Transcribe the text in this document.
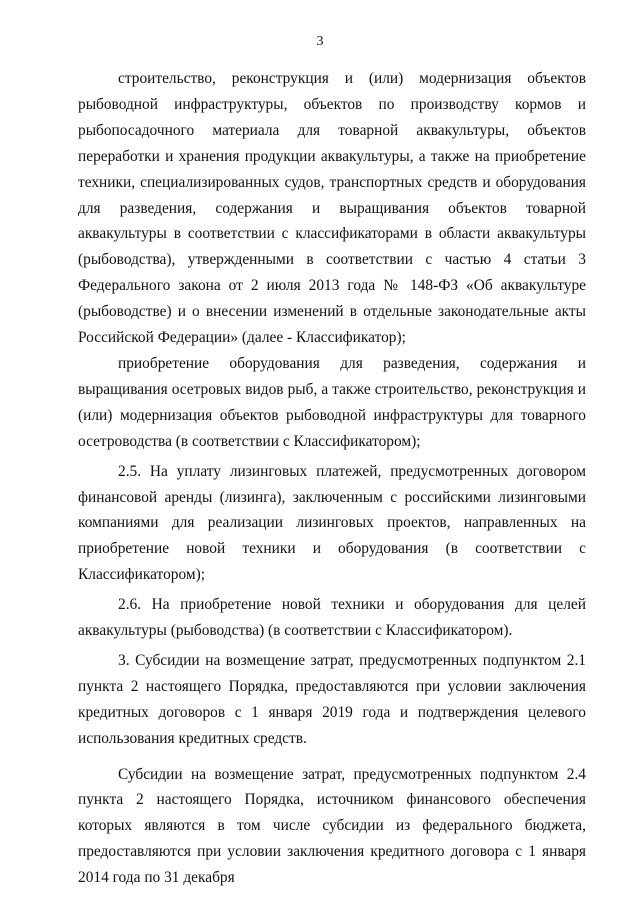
3

строительство, реконструкция и (или) модернизация объектов рыбоводной инфраструктуры, объектов по производству кормов и рыбопосадочного материала для товарной аквакультуры, объектов переработки и хранения продукции аквакультуры, а также на приобретение техники, специализированных судов, транспортных средств и оборудования для разведения, содержания и выращивания объектов товарной аквакультуры в соответствии с классификаторами в области аквакультуры (рыбоводства), утвержденными в соответствии с частью 4 статьи 3 Федерального закона от 2 июля 2013 года № 148-ФЗ «Об аквакультуре (рыбоводстве) и о внесении изменений в отдельные законодательные акты Российской Федерации» (далее - Классификатор);

приобретение оборудования для разведения, содержания и выращивания осетровых видов рыб, а также строительство, реконструкция и (или) модернизация объектов рыбоводной инфраструктуры для товарного осетроводства (в соответствии с Классификатором);

2.5. На уплату лизинговых платежей, предусмотренных договором финансовой аренды (лизинга), заключенным с российскими лизинговыми компаниями для реализации лизинговых проектов, направленных на приобретение новой техники и оборудования (в соответствии с Классификатором);

2.6. На приобретение новой техники и оборудования для целей аквакультуры (рыбоводства) (в соответствии с Классификатором).

3. Субсидии на возмещение затрат, предусмотренных подпунктом 2.1 пункта 2 настоящего Порядка, предоставляются при условии заключения кредитных договоров с 1 января 2019 года и подтверждения целевого использования кредитных средств.

Субсидии на возмещение затрат, предусмотренных подпунктом 2.4 пункта 2 настоящего Порядка, источником финансового обеспечения которых являются в том числе субсидии из федерального бюджета, предоставляются при условии заключения кредитного договора с 1 января 2014 года по 31 декабря
